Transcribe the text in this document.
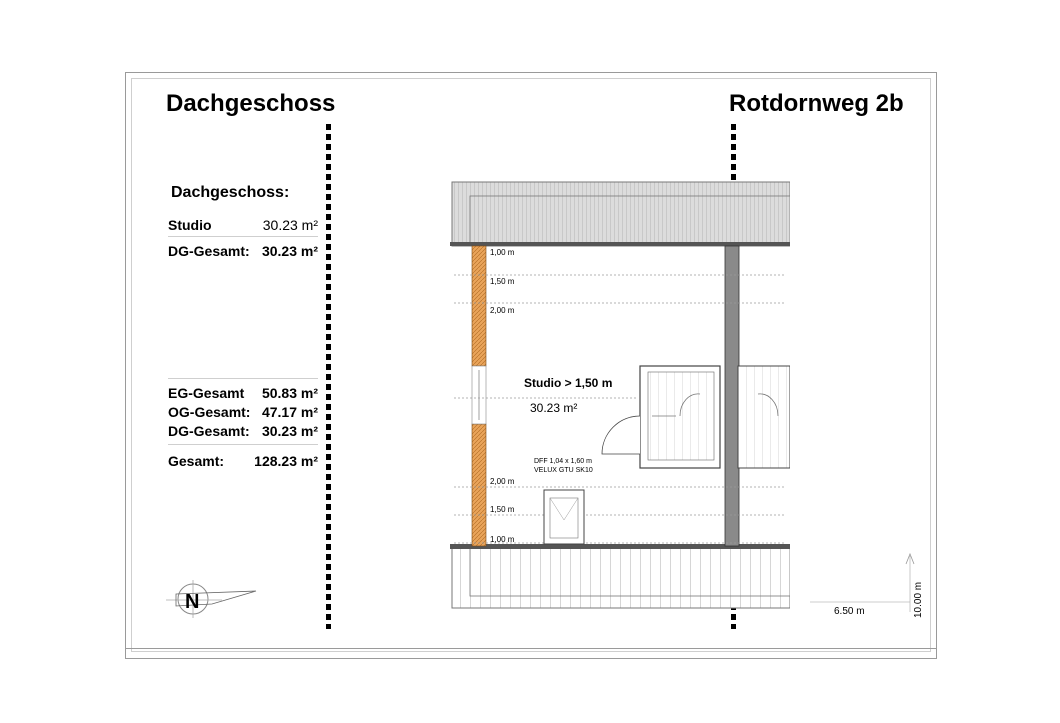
Dachgeschoss	Rotdornweg 2b
Dachgeschoss:
Studio	30.23 m²
DG-Gesamt: 30.23 m²
EG-Gesamt 50.83 m²
OG-Gesamt: 47.17 m²
DG-Gesamt: 30.23 m²
Gesamt: 128.23 m²
N
1,00 m
1,50 m
2,00 m
2,00 m
1,50 m
1,00 m
Studio > 1,50 m
30.23 m²
DFF 1,04 x 1,60 m
VELUX GTU SK10
6.50 m	10.00 m
